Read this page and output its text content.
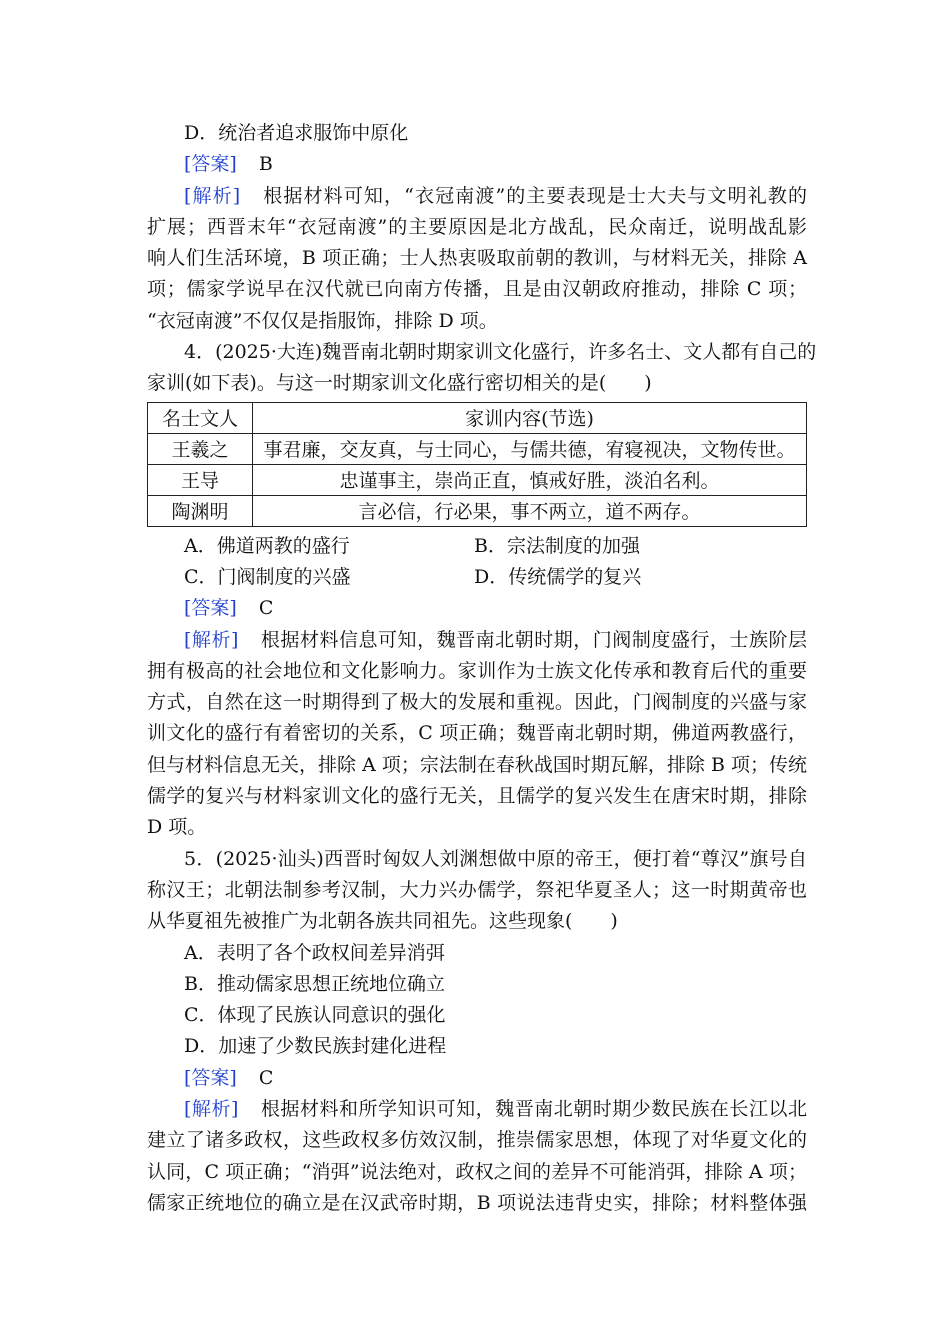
D．统治者追求服饰中原化
[答案] B
[解析] 根据材料可知，“衣冠南渡”的主要表现是士大夫与文明礼教的
扩展；西晋末年“衣冠南渡”的主要原因是北方战乱，民众南迁，说明战乱影
响人们生活环境，B 项正确；士人热衷吸取前朝的教训，与材料无关，排除 A
项；儒家学说早在汉代就已向南方传播，且是由汉朝政府推动，排除 C 项；
“衣冠南渡”不仅仅是指服饰，排除 D 项。
4．(2025·大连)魏晋南北朝时期家训文化盛行，许多名士、文人都有自己的
家训(如下表)。与这一时期家训文化盛行密切相关的是(　　)
名士文人	家训内容(节选)
王羲之	事君廉，交友真，与士同心，与儒共德，宥寝视决，文物传世。
王导	忠谨事主，崇尚正直，慎戒好胜，淡泊名利。
陶渊明	言必信，行必果，事不两立，道不两存。
A．佛道两教的盛行	B．宗法制度的加强
C．门阀制度的兴盛	D．传统儒学的复兴
[答案] C
[解析] 根据材料信息可知，魏晋南北朝时期，门阀制度盛行，士族阶层
拥有极高的社会地位和文化影响力。家训作为士族文化传承和教育后代的重要
方式，自然在这一时期得到了极大的发展和重视。因此，门阀制度的兴盛与家
训文化的盛行有着密切的关系，C 项正确；魏晋南北朝时期，佛道两教盛行，
但与材料信息无关，排除 A 项；宗法制在春秋战国时期瓦解，排除 B 项；传统
儒学的复兴与材料家训文化的盛行无关，且儒学的复兴发生在唐宋时期，排除
D 项。
5．(2025·汕头)西晋时匈奴人刘渊想做中原的帝王，便打着“尊汉”旗号自
称汉王；北朝法制参考汉制，大力兴办儒学，祭祀华夏圣人；这一时期黄帝也
从华夏祖先被推广为北朝各族共同祖先。这些现象(　　)
A．表明了各个政权间差异消弭
B．推动儒家思想正统地位确立
C．体现了民族认同意识的强化
D．加速了少数民族封建化进程
[答案] C
[解析] 根据材料和所学知识可知，魏晋南北朝时期少数民族在长江以北
建立了诸多政权，这些政权多仿效汉制，推崇儒家思想，体现了对华夏文化的
认同，C 项正确；“消弭”说法绝对，政权之间的差异不可能消弭，排除 A 项；
儒家正统地位的确立是在汉武帝时期，B 项说法违背史实，排除；材料整体强
